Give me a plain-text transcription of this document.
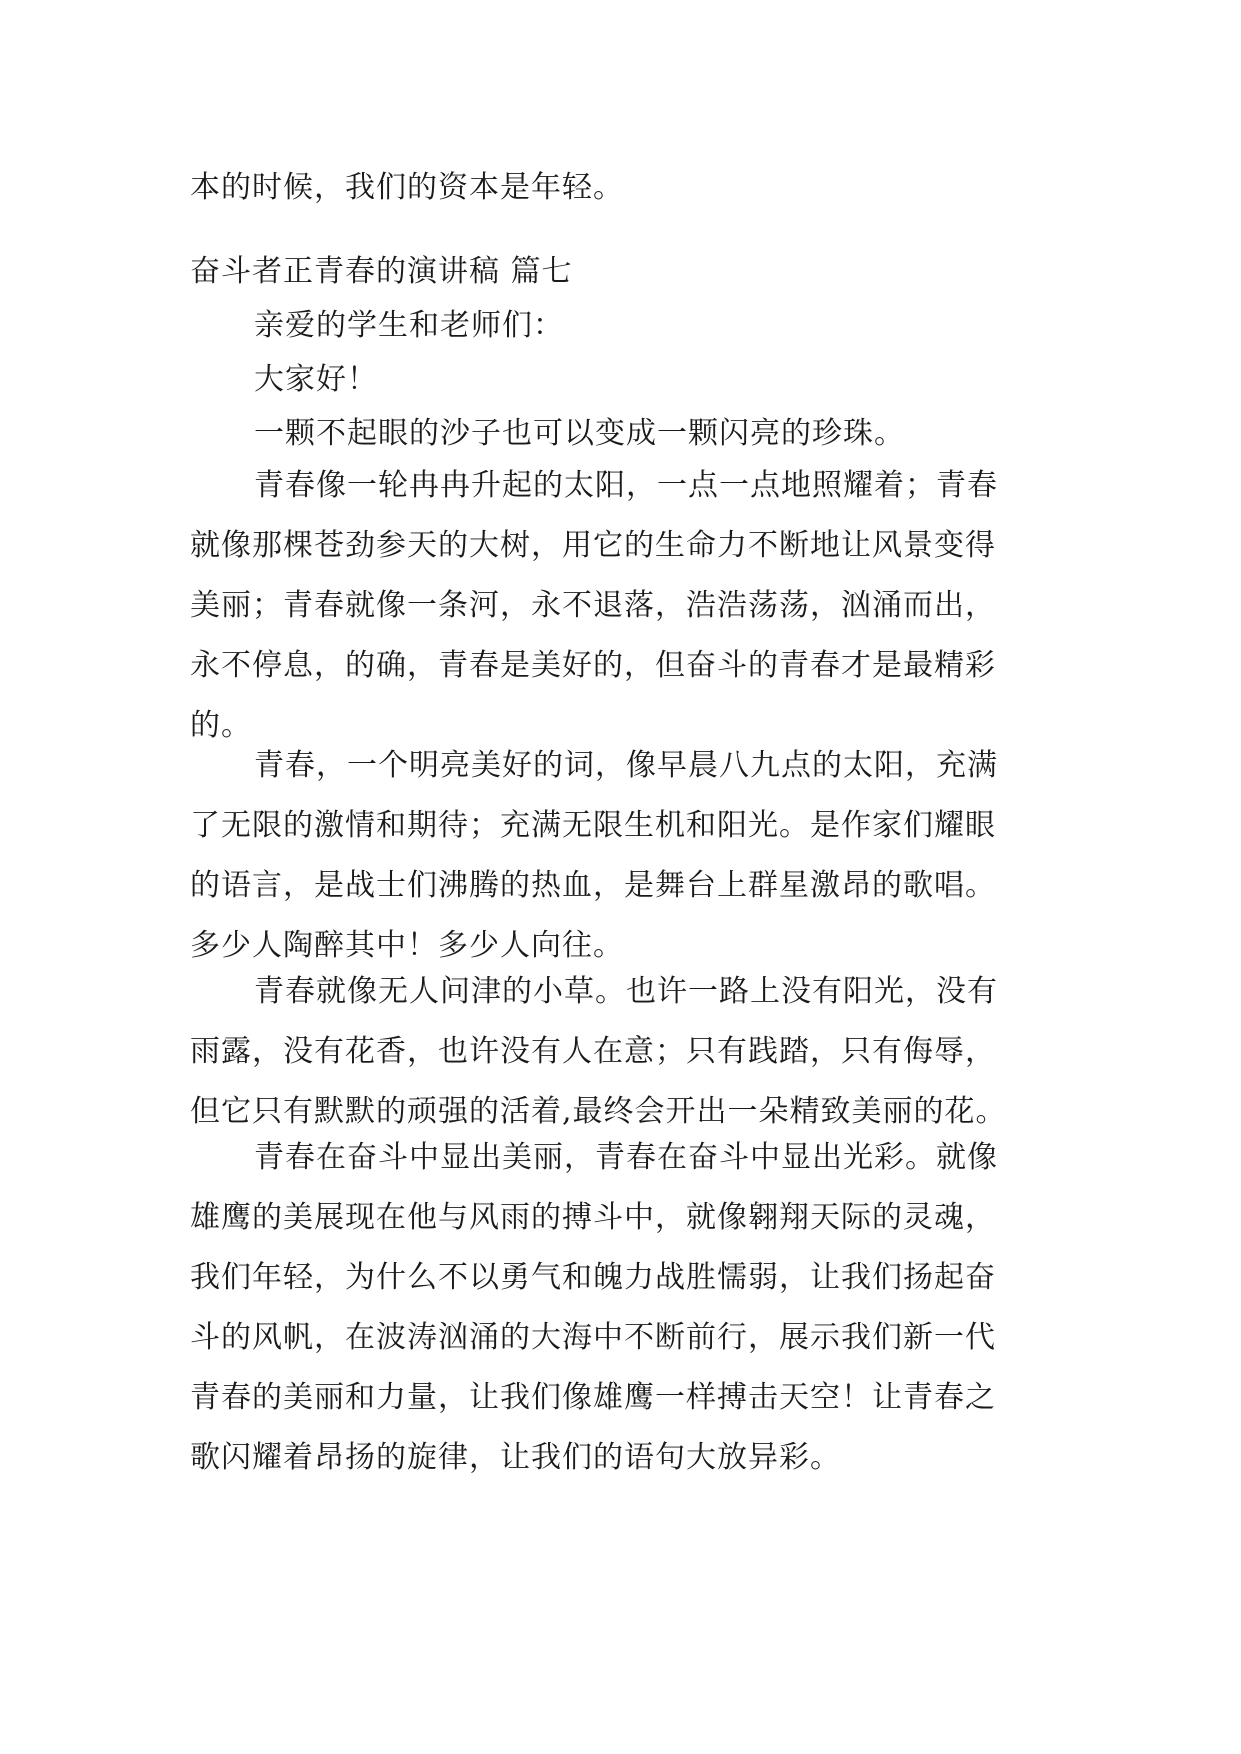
本的时候，我们的资本是年轻。
奋斗者正青春的演讲稿 篇七
亲爱的学生和老师们：
大家好！
一颗不起眼的沙子也可以变成一颗闪亮的珍珠。
青春像一轮冉冉升起的太阳，一点一点地照耀着；青春
就像那棵苍劲参天的大树，用它的生命力不断地让风景变得
美丽；青春就像一条河，永不退落，浩浩荡荡，汹涌而出，
永不停息，的确，青春是美好的，但奋斗的青春才是最精彩
的。
青春，一个明亮美好的词，像早晨八九点的太阳，充满
了无限的激情和期待；充满无限生机和阳光。是作家们耀眼
的语言，是战士们沸腾的热血，是舞台上群星激昂的歌唱。
多少人陶醉其中！多少人向往。
青春就像无人问津的小草。也许一路上没有阳光，没有
雨露，没有花香，也许没有人在意；只有践踏，只有侮辱，
但它只有默默的顽强的活着,最终会开出一朵精致美丽的花。
青春在奋斗中显出美丽，青春在奋斗中显出光彩。就像
雄鹰的美展现在他与风雨的搏斗中，就像翱翔天际的灵魂，
我们年轻，为什么不以勇气和魄力战胜懦弱，让我们扬起奋
斗的风帆，在波涛汹涌的大海中不断前行，展示我们新一代
青春的美丽和力量，让我们像雄鹰一样搏击天空！让青春之
歌闪耀着昂扬的旋律，让我们的语句大放异彩。
